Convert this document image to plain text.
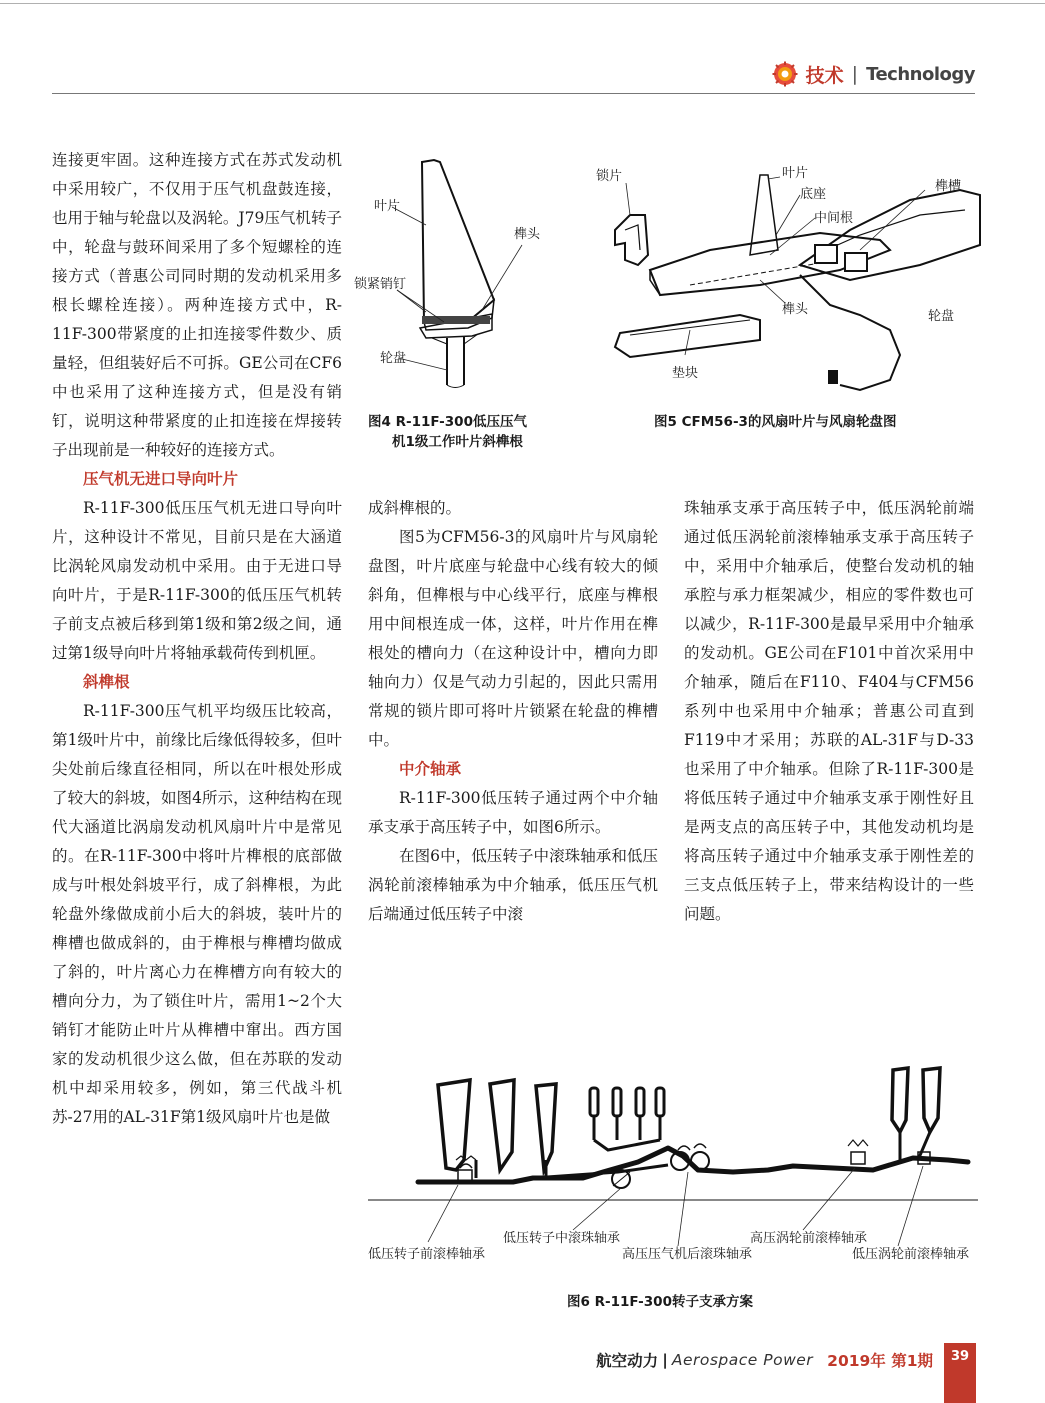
技术 | Technology

连接更牢固。这种连接方式在苏式发动机中采用较广，不仅用于压气机盘鼓连接，也用于轴与轮盘以及涡轮。J79压气机转子中，轮盘与鼓环间采用了多个短螺栓的连接方式（普惠公司同时期的发动机采用多根长螺栓连接）。两种连接方式中，R-11F-300带紧度的止扣连接零件数少、质量轻，但组装好后不可拆。GE公司在CF6中也采用了这种连接方式，但是没有销钉，说明这种带紧度的止扣连接在焊接转子出现前是一种较好的连接方式。

压气机无进口导向叶片

R-11F-300低压压气机无进口导向叶片，这种设计不常见，目前只是在大涵道比涡轮风扇发动机中采用。由于无进口导向叶片，于是R-11F-300的低压压气机转子前支点被后移到第1级和第2级之间，通过第1级导向叶片将轴承载荷传到机匣。

斜榫根

R-11F-300压气机平均级压比较高，第1级叶片中，前缘比后缘低得较多，但叶尖处前后缘直径相同，所以在叶根处形成了较大的斜坡，如图4所示，这种结构在现代大涵道比涡扇发动机风扇叶片中是常见的。在R-11F-300中将叶片榫根的底部做成与叶根处斜坡平行，成了斜榫根，为此轮盘外缘做成前小后大的斜坡，装叶片的榫槽也做成斜的，由于榫根与榫槽均做成了斜的，叶片离心力在榫槽方向有较大的槽向分力，为了锁住叶片，需用1~2个大销钉才能防止叶片从榫槽中窜出。西方国家的发动机很少这么做，但在苏联的发动机中却采用较多，例如，第三代战斗机苏-27用的AL-31F第1级风扇叶片也是做

叶片
榫头
锁紧销钉
轮盘
图4 R-11F-300低压压气
机1级工作叶片斜榫根
锁片	叶片
底座
中间根
榫槽
榫头	轮盘
垫块
图5 CFM56-3的风扇叶片与风扇轮盘图

成斜榫根的。

图5为CFM56-3的风扇叶片与风扇轮盘图，叶片底座与轮盘中心线有较大的倾斜角，但榫根与中心线平行，底座与榫根用中间根连成一体，这样，叶片作用在榫根处的槽向力（在这种设计中，槽向力即轴向力）仅是气动力引起的，因此只需用常规的锁片即可将叶片锁紧在轮盘的榫槽中。

中介轴承

R-11F-300低压转子通过两个中介轴承支承于高压转子中，如图6所示。

在图6中，低压转子中滚珠轴承和低压涡轮前滚棒轴承为中介轴承，低压压气机后端通过低压转子中滚

珠轴承支承于高压转子中，低压涡轮前端通过低压涡轮前滚棒轴承支承于高压转子中，采用中介轴承后，使整台发动机的轴承腔与承力框架减少，相应的零件数也可以减少，R-11F-300是最早采用中介轴承的发动机。GE公司在F101中首次采用中介轴承，随后在F110、F404与CFM56系列中也采用中介轴承；普惠公司直到F119中才采用；苏联的AL-31F与D-33也采用了中介轴承。但除了R-11F-300是将低压转子通过中介轴承支承于刚性好且是两支点的高压转子中，其他发动机均是将高压转子通过中介轴承支承于刚性差的三支点低压转子上，带来结构设计的一些问题。

低压转子前滚棒轴承
低压转子中滚珠轴承
高压压气机后滚珠轴承
高压涡轮前滚棒轴承
低压涡轮前滚棒轴承
图6 R-11F-300转子支承方案
航空动力 | Aerospace Power 2019年 第1期	39
